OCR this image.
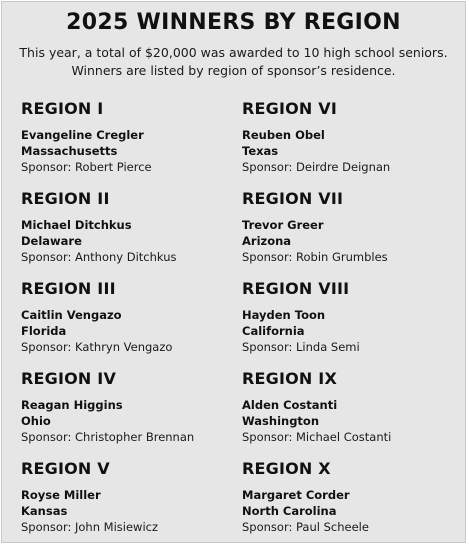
2025 WINNERS BY REGION
This year, a total of $20,000 was awarded to 10 high school seniors.
Winners are listed by region of sponsor’s residence.
REGION I
Evangeline Cregler
Massachusetts
Sponsor: Robert Pierce
REGION II
Michael Ditchkus
Delaware
Sponsor: Anthony Ditchkus
REGION III
Caitlin Vengazo
Florida
Sponsor: Kathryn Vengazo
REGION IV
Reagan Higgins
Ohio
Sponsor: Christopher Brennan
REGION V
Royse Miller
Kansas
Sponsor: John Misiewicz
REGION VI
Reuben Obel
Texas
Sponsor: Deirdre Deignan
REGION VII
Trevor Greer
Arizona
Sponsor: Robin Grumbles
REGION VIII
Hayden Toon
California
Sponsor: Linda Semi
REGION IX
Alden Costanti
Washington
Sponsor: Michael Costanti
REGION X
Margaret Corder
North Carolina
Sponsor: Paul Scheele
